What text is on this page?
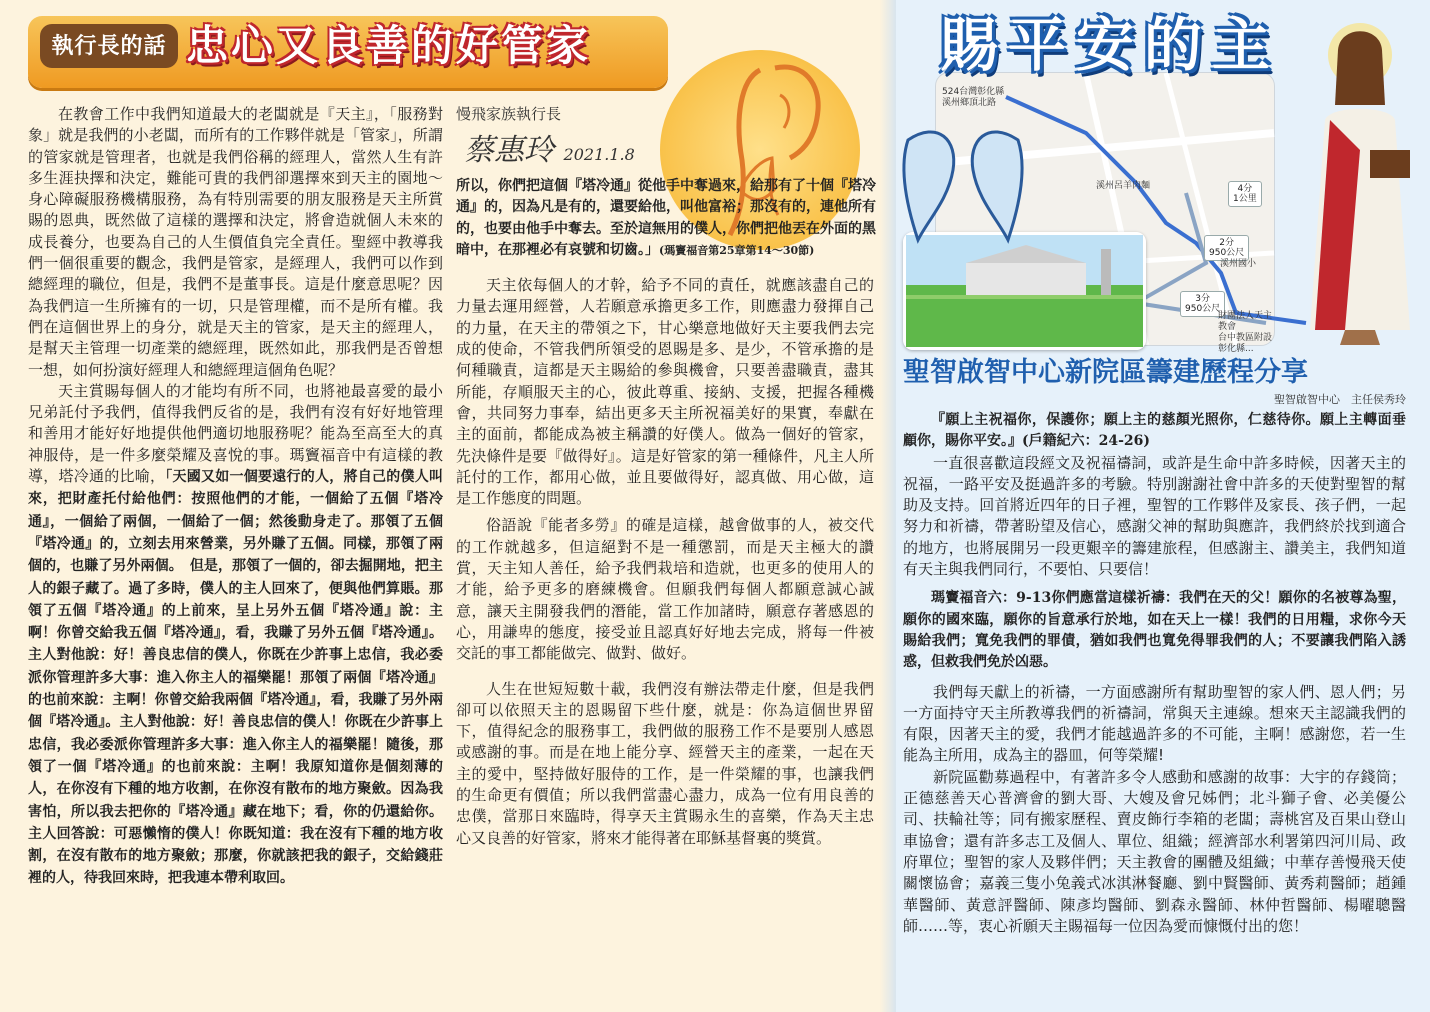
執行長的話 忠心又良善的好管家

在教會工作中我們知道最大的老闆就是『天主』，「服務對象」就是我們的小老闆，而所有的工作夥伴就是「管家」，所謂的管家就是管理者，也就是我們俗稱的經理人，當然人生有許多生涯抉擇和決定，難能可貴的我們卻選擇來到天主的園地～身心障礙服務機構服務，為有特別需要的朋友服務是天主所賞賜的恩典，既然做了這樣的選擇和決定，將會造就個人未來的成長養分，也要為自己的人生價值負完全責任。聖經中教導我們一個很重要的觀念，我們是管家，是經理人，我們可以作到總經理的職位，但是，我們不是董事長。這是什麼意思呢？因為我們這一生所擁有的一切，只是管理權，而不是所有權。我們在這個世界上的身分，就是天主的管家，是天主的經理人，是幫天主管理一切產業的總經理，既然如此，那我們是否曾想一想，如何扮演好經理人和總經理這個角色呢？

天主賞賜每個人的才能均有所不同，也將祂最喜愛的最小兄弟託付予我們，值得我們反省的是，我們有沒有好好地管理和善用才能好好地提供他們適切地服務呢？能為至高至大的真神服侍，是一件多麼榮耀及喜悅的事。瑪竇福音中有這樣的教導，塔冷通的比喻，「天國又如一個要遠行的人，將自己的僕人叫來，把財產托付給他們：按照他們的才能，一個給了五個『塔冷通』，一個給了兩個，一個給了一個；然後動身走了。那領了五個『塔冷通』的，立刻去用來營業，另外賺了五個。同樣，那領了兩個的，也賺了另外兩個。　但是，那領了一個的，卻去掘開地，把主人的銀子藏了。過了多時，僕人的主人回來了，便與他們算賬。那領了五個『塔冷通』的上前來，呈上另外五個『塔冷通』說：主啊！你曾交給我五個『塔冷通』，看，我賺了另外五個『塔冷通』。主人對他說：好！善良忠信的僕人，你既在少許事上忠信，我必委派你管理許多大事：進入你主人的福樂罷！那領了兩個『塔冷通』的也前來說：主啊！你曾交給我兩個『塔冷通』，看，我賺了另外兩個『塔冷通』。主人對他說：好！善良忠信的僕人！你既在少許事上忠信，我必委派你管理許多大事：進入你主人的福樂罷！隨後，那領了一個『塔冷通』的也前來說：主啊！我原知道你是個刻薄的人，在你沒有下種的地方收割，在你沒有散布的地方聚斂。因為我害怕，所以我去把你的『塔冷通』藏在地下；看，你的仍還給你。主人回答說：可惡懶惰的僕人！你既知道：我在沒有下種的地方收割，在沒有散布的地方聚斂；那麼，你就該把我的銀子，交給錢莊裡的人，待我回來時，把我連本帶利取回。

慢飛家族執行長
蔡惠玲 2021.1.8

所以，你們把這個『塔冷通』從他手中奪過來，給那有了十個『塔冷通』的，因為凡是有的，還要給他，叫他富裕；那沒有的，連他所有的，也要由他手中奪去。至於這無用的僕人，你們把他丟在外面的黑暗中，在那裡必有哀號和切齒。」(瑪竇福音第25章第14～30節)

天主依每個人的才幹，給予不同的責任，就應該盡自己的力量去運用經營，人若願意承擔更多工作，則應盡力發揮自己的力量，在天主的帶領之下，甘心樂意地做好天主要我們去完成的使命，不管我們所領受的恩賜是多、是少，不管承擔的是何種職責，這都是天主賜給的參與機會，只要善盡職責，盡其所能，存順服天主的心，彼此尊重、接納、支援，把握各種機會，共同努力事奉，結出更多天主所祝福美好的果實，奉獻在主的面前，都能成為被主稱讚的好僕人。做為一個好的管家，先決條件是要『做得好』。這是好管家的第一種條件，凡主人所託付的工作，都用心做，並且要做得好，認真做、用心做，這是工作態度的問題。

俗語說『能者多勞』的確是這樣，越會做事的人，被交代的工作就越多，但這絕對不是一種懲罰，而是天主極大的讚賞，天主知人善任，給予我們栽培和造就，也更多的使用人的才能，給予更多的磨練機會。但願我們每個人都願意誠心誠意，讓天主開發我們的潛能，當工作加諸時，願意存著感恩的心，用謙卑的態度，接受並且認真好好地去完成，將每一件被交託的事工都能做完、做對、做好。

人生在世短短數十載，我們沒有辦法帶走什麼，但是我們卻可以依照天主的恩賜留下些什麼，就是：你為這個世界留下，值得紀念的服務事工，我們做的服務工作不是要別人感恩或感謝的事。而是在地上能分享、經營天主的產業，一起在天主的愛中，堅持做好服侍的工作，是一件榮耀的事，也讓我們的生命更有價值；所以我們當盡心盡力，成為一位有用良善的忠僕，當那日來臨時，得享天主賞賜永生的喜樂，作為天主忠心又良善的好管家，將來才能得著在耶穌基督裏的獎賞。

524台灣彰化縣
溪州鄉頂北路
溪州呂羊肉麵	4分
1公里
2分
950公尺
溪州國小
3分
950公尺
財團法人天主教會
台中教區附設彰化縣...
賜平安的主
聖智啟智中心新院區籌建歷程分享
聖智啟智中心　主任侯秀玲

『願上主祝福你，保護你；願上主的慈顏光照你，仁慈待你。願上主轉面垂顧你，賜你平安。』(戶籍紀六：24-26)

一直很喜歡這段經文及祝福禱詞，或許是生命中許多時候，因著天主的祝福，一路平安及挺過許多的考驗。特別謝謝社會中許多的天使對聖智的幫助及支持。回首將近四年的日子裡，聖智的工作夥伴及家長、孩子們，一起努力和祈禱，帶著盼望及信心，感謝父神的幫助與應許，我們終於找到適合的地方，也將展開另一段更艱辛的籌建旅程，但感謝主、讚美主，我們知道有天主與我們同行，不要怕、只要信！

瑪竇福音六：9-13你們應當這樣祈禱：我們在天的父！願你的名被尊為聖，願你的國來臨，願你的旨意承行於地，如在天上一樣！我們的日用糧，求你今天賜給我們；寬免我們的罪債，猶如我們也寬免得罪我們的人；不要讓我們陷入誘惑，但救我們免於凶惡。

我們每天獻上的祈禱，一方面感謝所有幫助聖智的家人們、恩人們；另一方面持守天主所教導我們的祈禱詞，常與天主連線。想來天主認識我們的有限，因著天主的愛，我們才能越過許多的不可能，主啊！感謝您，若一生能為主所用，成為主的器皿，何等榮耀!

新院區勸募過程中，有著許多令人感動和感謝的故事：大宇的存錢筒；正德慈善天心普濟會的劉大哥、大嫂及會兄姊們；北斗獅子會、必美優公司、扶輪社等；同有搬家歷程、賣皮飾行李箱的老闆；壽桃宮及百果山登山車協會；還有許多志工及個人、單位、組織；經濟部水利署第四河川局、政府單位；聖智的家人及夥伴們；天主教會的團體及組織；中華存善慢飛天使關懷協會；嘉義三隻小兔義式冰淇淋餐廳、劉中賢醫師、黃秀莉醫師；趙鍾華醫師、黃意評醫師、陳彥均醫師、劉森永醫師、林仲哲醫師、楊曜聰醫師……等，衷心祈願天主賜福每一位因為愛而慷慨付出的您！
